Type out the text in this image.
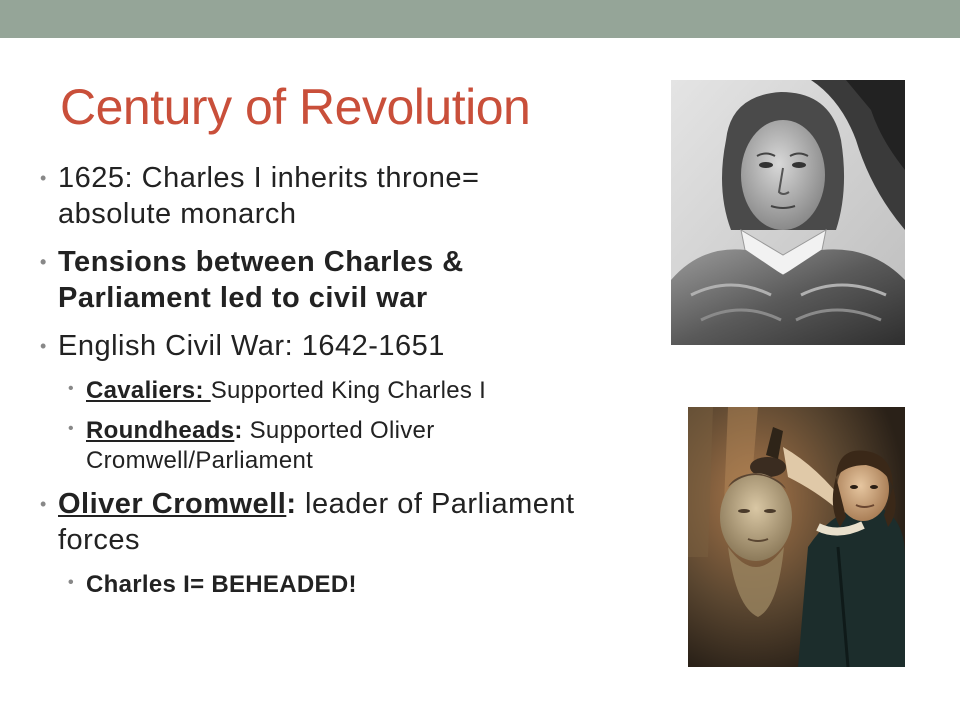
Century of Revolution
• 1625: Charles I inherits throne= absolute monarch
• Tensions between Charles & Parliament led to civil war
• English Civil War: 1642-1651
• Cavaliers: Supported King Charles I
• Roundheads: Supported Oliver Cromwell/Parliament
• Oliver Cromwell: leader of Parliament forces
• Charles I= BEHEADED!
